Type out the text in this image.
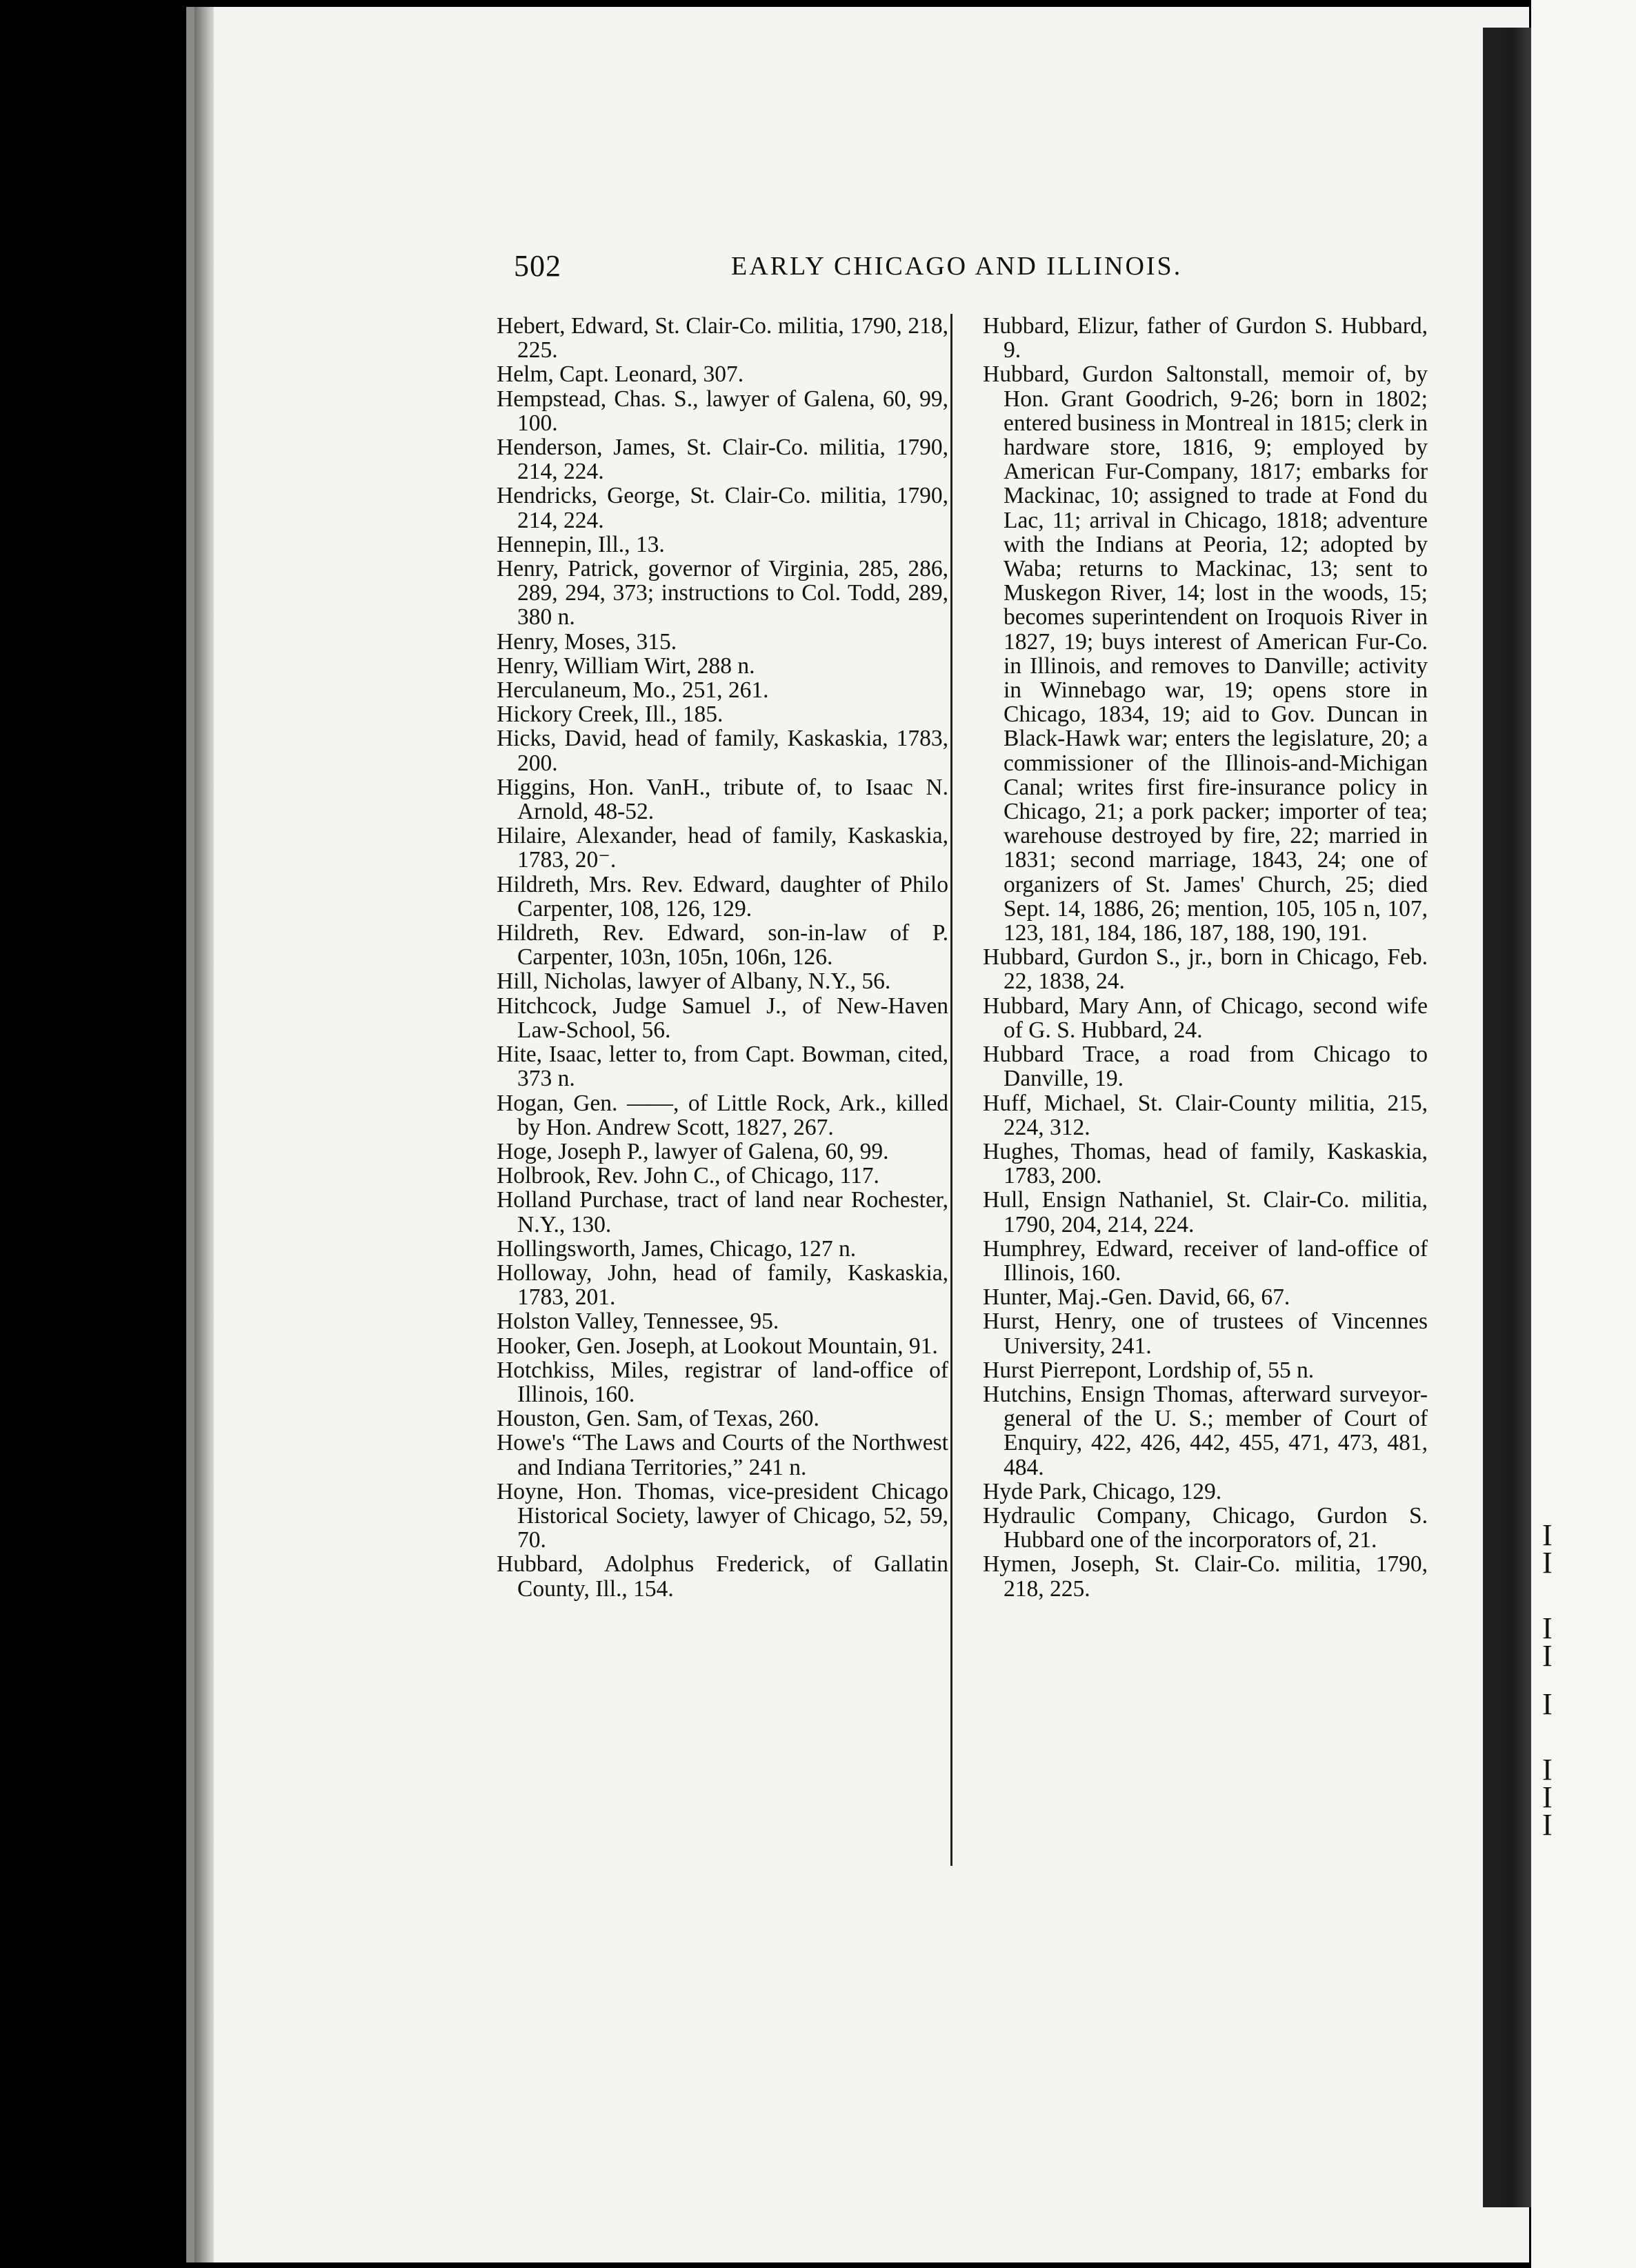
I
I
I
I
I
I
I
I
502	EARLY CHICAGO AND ILLINOIS.

Hebert, Edward, St. Clair-Co. militia, 1790, 218, 225.

Helm, Capt. Leonard, 307.

Hempstead, Chas. S., lawyer of Galena, 60, 99, 100.

Henderson, James, St. Clair-Co. militia, 1790, 214, 224.

Hendricks, George, St. Clair-Co. militia, 1790, 214, 224.

Hennepin, Ill., 13.

Henry, Patrick, governor of Virginia, 285, 286, 289, 294, 373; instructions to Col. Todd, 289, 380 n.

Henry, Moses, 315.

Henry, William Wirt, 288 n.

Herculaneum, Mo., 251, 261.

Hickory Creek, Ill., 185.

Hicks, David, head of family, Kaskaskia, 1783, 200.

Higgins, Hon. VanH., tribute of, to Isaac N. Arnold, 48-52.

Hilaire, Alexander, head of family, Kaskaskia, 1783, 20⁻.

Hildreth, Mrs. Rev. Edward, daughter of Philo Carpenter, 108, 126, 129.

Hildreth, Rev. Edward, son-in-law of P. Carpenter, 103n, 105n, 106n, 126.

Hill, Nicholas, lawyer of Albany, N.Y., 56.

Hitchcock, Judge Samuel J., of New-Haven Law-School, 56.

Hite, Isaac, letter to, from Capt. Bowman, cited, 373 n.

Hogan, Gen. ——, of Little Rock, Ark., killed by Hon. Andrew Scott, 1827, 267.

Hoge, Joseph P., lawyer of Galena, 60, 99.

Holbrook, Rev. John C., of Chicago, 117.

Holland Purchase, tract of land near Rochester, N.Y., 130.

Hollingsworth, James, Chicago, 127 n.

Holloway, John, head of family, Kaskaskia, 1783, 201.

Holston Valley, Tennessee, 95.

Hooker, Gen. Joseph, at Lookout Mountain, 91.

Hotchkiss, Miles, registrar of land-office of Illinois, 160.

Houston, Gen. Sam, of Texas, 260.

Howe's “The Laws and Courts of the Northwest and Indiana Territories,” 241 n.

Hoyne, Hon. Thomas, vice-president Chicago Historical Society, lawyer of Chicago, 52, 59, 70.

Hubbard, Adolphus Frederick, of Gallatin County, Ill., 154.

Hubbard, Elizur, father of Gurdon S. Hubbard, 9.

Hubbard, Gurdon Saltonstall, memoir of, by Hon. Grant Goodrich, 9-26; born in 1802; entered business in Montreal in 1815; clerk in hardware store, 1816, 9; employed by American Fur-Company, 1817; embarks for Mackinac, 10; assigned to trade at Fond du Lac, 11; arrival in Chicago, 1818; adventure with the Indians at Peoria, 12; adopted by Waba; returns to Mackinac, 13; sent to Muskegon River, 14; lost in the woods, 15; becomes superintendent on Iroquois River in 1827, 19; buys interest of American Fur-Co. in Illinois, and removes to Danville; activity in Winnebago war, 19; opens store in Chicago, 1834, 19; aid to Gov. Duncan in Black-Hawk war; enters the legislature, 20; a commissioner of the Illinois-and-Michigan Canal; writes first fire-insurance policy in Chicago, 21; a pork packer; importer of tea; warehouse destroyed by fire, 22; married in 1831; second marriage, 1843, 24; one of organizers of St. James' Church, 25; died Sept. 14, 1886, 26; mention, 105, 105 n, 107, 123, 181, 184, 186, 187, 188, 190, 191.

Hubbard, Gurdon S., jr., born in Chicago, Feb. 22, 1838, 24.

Hubbard, Mary Ann, of Chicago, second wife of G. S. Hubbard, 24.

Hubbard Trace, a road from Chicago to Danville, 19.

Huff, Michael, St. Clair-County militia, 215, 224, 312.

Hughes, Thomas, head of family, Kaskaskia, 1783, 200.

Hull, Ensign Nathaniel, St. Clair-Co. militia, 1790, 204, 214, 224.

Humphrey, Edward, receiver of land-office of Illinois, 160.

Hunter, Maj.-Gen. David, 66, 67.

Hurst, Henry, one of trustees of Vincennes University, 241.

Hurst Pierrepont, Lordship of, 55 n.

Hutchins, Ensign Thomas, afterward surveyor-general of the U. S.; member of Court of Enquiry, 422, 426, 442, 455, 471, 473, 481, 484.

Hyde Park, Chicago, 129.

Hydraulic Company, Chicago, Gurdon S. Hubbard one of the incorporators of, 21.

Hymen, Joseph, St. Clair-Co. militia, 1790, 218, 225.
